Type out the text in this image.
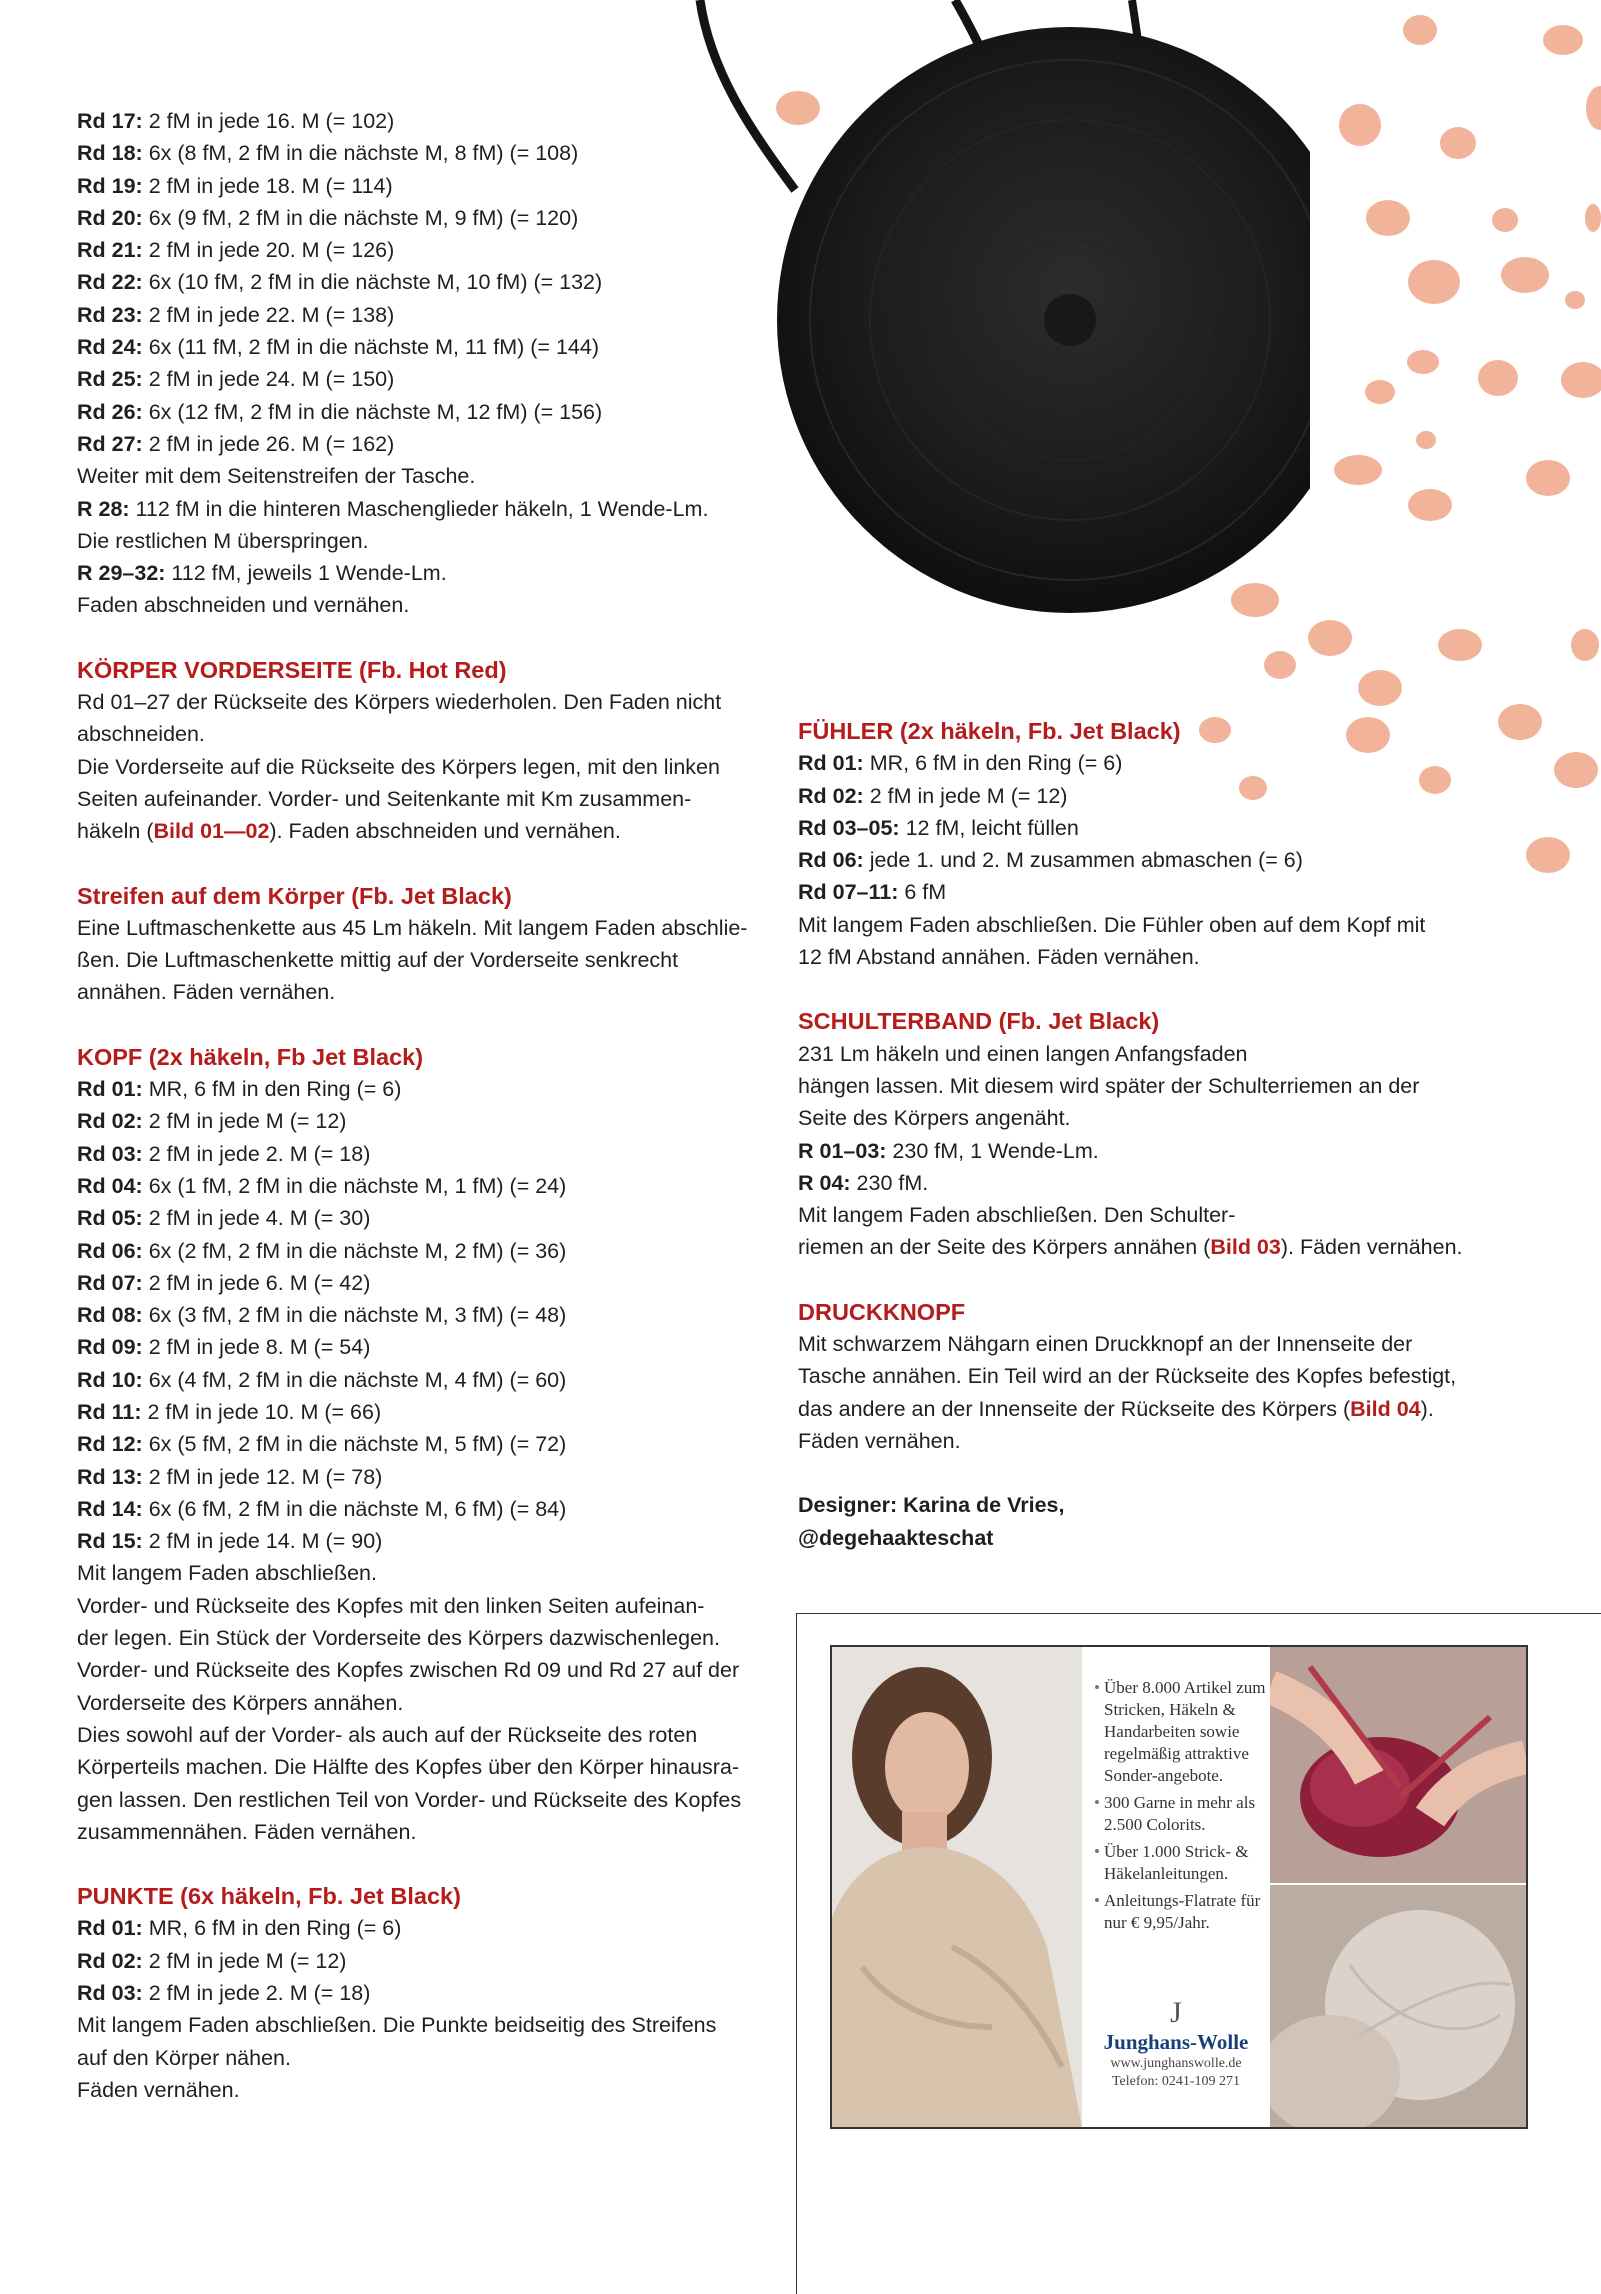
Rd 17: 2 fM in jede 16. M (= 102)
Rd 18: 6x (8 fM, 2 fM in die nächste M, 8 fM) (= 108)
Rd 19: 2 fM in jede 18. M (= 114)
Rd 20: 6x (9 fM, 2 fM in die nächste M, 9 fM) (= 120)
Rd 21: 2 fM in jede 20. M (= 126)
Rd 22: 6x (10 fM, 2 fM in die nächste M, 10 fM) (= 132)
Rd 23: 2 fM in jede 22. M (= 138)
Rd 24: 6x (11 fM, 2 fM in die nächste M, 11 fM) (= 144)
Rd 25: 2 fM in jede 24. M (= 150)
Rd 26: 6x (12 fM, 2 fM in die nächste M, 12 fM) (= 156)
Rd 27: 2 fM in jede 26. M (= 162)
Weiter mit dem Seitenstreifen der Tasche.
R 28: 112 fM in die hinteren Maschenglieder häkeln, 1 Wende-Lm.
Die restlichen M überspringen.
R 29–32: 112 fM, jeweils 1 Wende-Lm.
Faden abschneiden und vernähen.
KÖRPER VORDERSEITE (Fb. Hot Red)
Rd 01–27 der Rückseite des Körpers wiederholen. Den Faden nicht
abschneiden.
Die Vorderseite auf die Rückseite des Körpers legen, mit den linken
Seiten aufeinander. Vorder- und Seitenkante mit Km zusammen-
häkeln (Bild 01—02). Faden abschneiden und vernähen.
Streifen auf dem Körper (Fb. Jet Black)
Eine Luftmaschenkette aus 45 Lm häkeln. Mit langem Faden abschlie-
ßen. Die Luftmaschenkette mittig auf der Vorderseite senkrecht
annähen. Fäden vernähen.
KOPF (2x häkeln, Fb Jet Black)
Rd 01: MR, 6 fM in den Ring (= 6)
Rd 02: 2 fM in jede M (= 12)
Rd 03: 2 fM in jede 2. M (= 18)
Rd 04: 6x (1 fM, 2 fM in die nächste M, 1 fM) (= 24)
Rd 05: 2 fM in jede 4. M (= 30)
Rd 06: 6x (2 fM, 2 fM in die nächste M, 2 fM) (= 36)
Rd 07: 2 fM in jede 6. M (= 42)
Rd 08: 6x (3 fM, 2 fM in die nächste M, 3 fM) (= 48)
Rd 09: 2 fM in jede 8. M (= 54)
Rd 10: 6x (4 fM, 2 fM in die nächste M, 4 fM) (= 60)
Rd 11: 2 fM in jede 10. M (= 66)
Rd 12: 6x (5 fM, 2 fM in die nächste M, 5 fM) (= 72)
Rd 13: 2 fM in jede 12. M (= 78)
Rd 14: 6x (6 fM, 2 fM in die nächste M, 6 fM) (= 84)
Rd 15: 2 fM in jede 14. M (= 90)
Mit langem Faden abschließen.
Vorder- und Rückseite des Kopfes mit den linken Seiten aufeinan-
der legen. Ein Stück der Vorderseite des Körpers dazwischenlegen.
Vorder- und Rückseite des Kopfes zwischen Rd 09 und Rd 27 auf der
Vorderseite des Körpers annähen.
Dies sowohl auf der Vorder- als auch auf der Rückseite des roten
Körperteils machen. Die Hälfte des Kopfes über den Körper hinausra-
gen lassen. Den restlichen Teil von Vorder- und Rückseite des Kopfes
zusammennähen. Fäden vernähen.
PUNKTE (6x häkeln, Fb. Jet Black)
Rd 01: MR, 6 fM in den Ring (= 6)
Rd 02: 2 fM in jede M (= 12)
Rd 03: 2 fM in jede 2. M (= 18)
Mit langem Faden abschließen. Die Punkte beidseitig des Streifens
auf den Körper nähen.
Fäden vernähen.
FÜHLER (2x häkeln, Fb. Jet Black)
Rd 01: MR, 6 fM in den Ring (= 6)
Rd 02: 2 fM in jede M (= 12)
Rd 03–05: 12 fM, leicht füllen
Rd 06: jede 1. und 2. M zusammen abmaschen (= 6)
Rd 07–11: 6 fM
Mit langem Faden abschließen. Die Fühler oben auf dem Kopf mit
12 fM Abstand annähen. Fäden vernähen.
SCHULTERBAND (Fb. Jet Black)
231 Lm häkeln und einen langen Anfangsfaden
hängen lassen. Mit diesem wird später der Schulterriemen an der
Seite des Körpers angenäht.
R 01–03: 230 fM, 1 Wende-Lm.
R 04: 230 fM.
Mit langem Faden abschließen. Den Schulter-
riemen an der Seite des Körpers annähen (Bild 03). Fäden vernähen.
DRUCKKNOPF
Mit schwarzem Nähgarn einen Druckknopf an der Innenseite der
Tasche annähen. Ein Teil wird an der Rückseite des Kopfes befestigt,
das andere an der Innenseite der Rückseite des Körpers (Bild 04).
Fäden vernähen.
Designer: Karina de Vries,
@degehaakteschat
• Über 8.000 Artikel zum Stricken, Häkeln & Handarbeiten sowie regelmäßig attraktive Sonder-angebote.
• 300 Garne in mehr als 2.500 Colorits.
• Über 1.000 Strick- & Häkelanleitungen.
• Anleitungs-Flatrate für nur € 9,95/Jahr.
J
Junghans-Wolle
www.junghanswolle.de
Telefon: 0241-109 271
